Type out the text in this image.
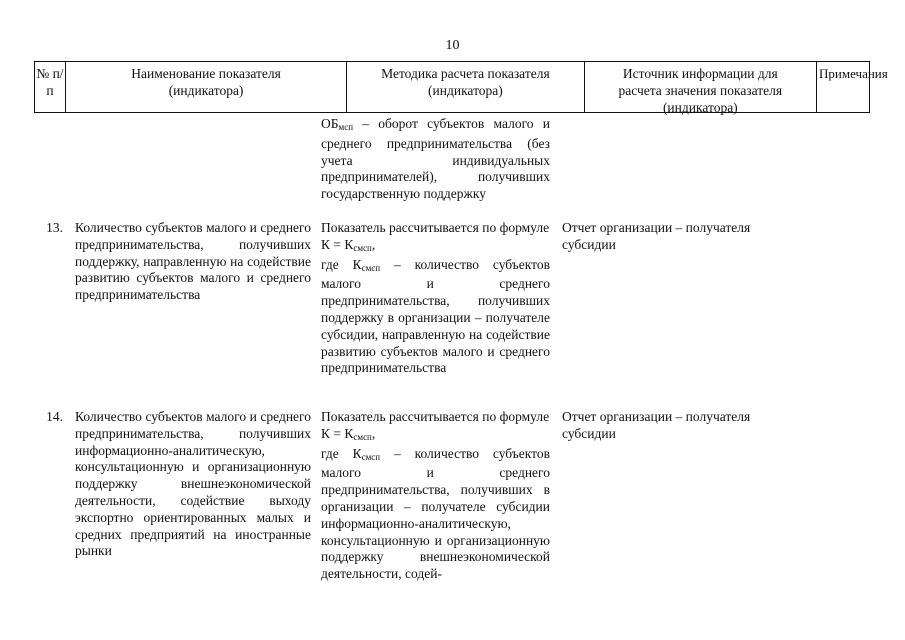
10
№ п/п
Наименование показателя (индикатора)
Методика расчета показателя (индикатора)
Источник информации для расчета значения показателя (индикатора)
Примечания
$ОБ_{мсп}$ – оборот субъектов малого и среднего предпринимательства (без учета индивидуальных предпринимателей), получивших государственную поддержку
13. Количество субъектов малого и среднего предпринимательства, получивших поддержку, направленную на содействие развитию субъектов малого и среднего предпринимательства
Показатель рассчитывается по формуле
$К = К_{смсп}$,
где $К_{смсп}$ – количество субъектов малого и среднего предпринимательства, получивших поддержку в организации – получателе субсидии, направленную на содействие развитию субъектов малого и среднего предпринимательства
Отчет организации – получателя субсидии
14. Количество субъектов малого и среднего предпринимательства, получивших информационно-аналитическую, консультационную и организационную поддержку внешнеэкономической деятельности, содействие выходу экспортно ориентированных малых и средних предприятий на иностранные рынки
Показатель рассчитывается по формуле
$К = К_{смсп}$,
где $К_{смсп}$ – количество субъектов малого и среднего предпринимательства, получивших в организации – получателе субсидии информационно-аналитическую, консультационную и организационную поддержку внешнеэкономической деятельности, содей-
Отчет организации – получателя субсидии
